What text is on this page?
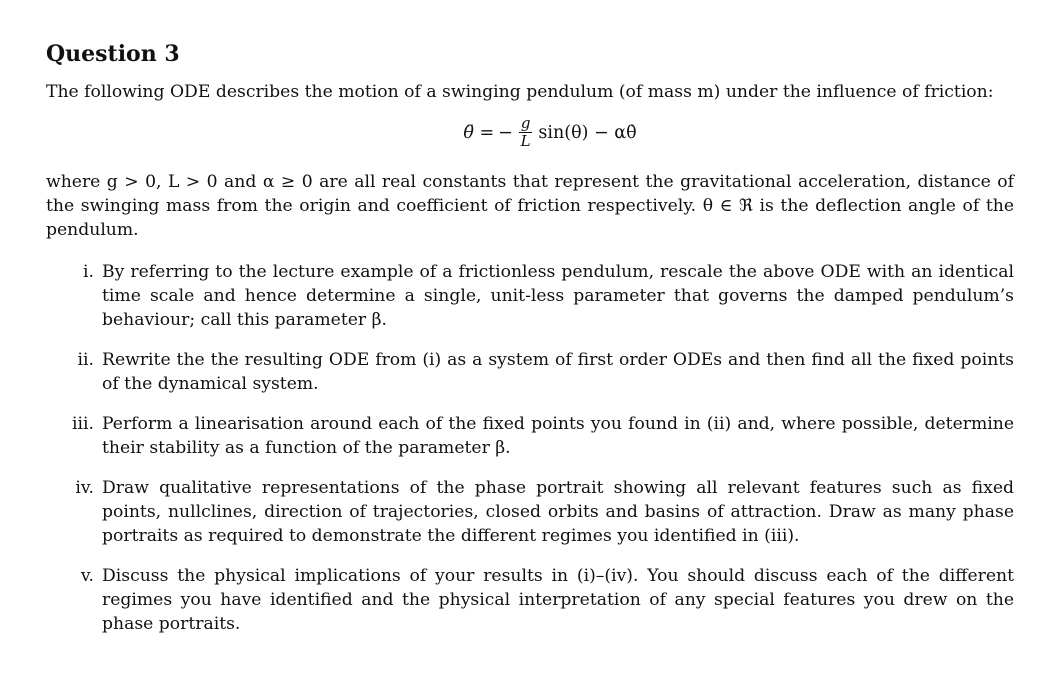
Question 3

The following ODE describes the motion of a swinging pendulum (of mass m) under the influence of friction:

θ̈ = − $\frac{g}{L} \sin(\theta)$ − αθ̇

where g > 0, L > 0 and α ≥ 0 are all real constants that represent the gravitational acceleration, distance of the swinging mass from the origin and coefficient of friction respectively. θ ∈ ℜ is the deflection angle of the pendulum.

i. By referring to the lecture example of a frictionless pendulum, rescale the above ODE with an identical time scale and hence determine a single, unit-less parameter that governs the damped pendulum’s behaviour; call this parameter β.
ii. Rewrite the the resulting ODE from (i) as a system of first order ODEs and then find all the fixed points of the dynamical system.
iii. Perform a linearisation around each of the fixed points you found in (ii) and, where possible, determine their stability as a function of the parameter β.
iv. Draw qualitative representations of the phase portrait showing all relevant features such as fixed points, nullclines, direction of trajectories, closed orbits and basins of attraction. Draw as many phase portraits as required to demonstrate the different regimes you identified in (iii).
v. Discuss the physical implications of your results in (i)–(iv). You should discuss each of the different regimes you have identified and the physical interpretation of any special features you drew on the phase portraits.
